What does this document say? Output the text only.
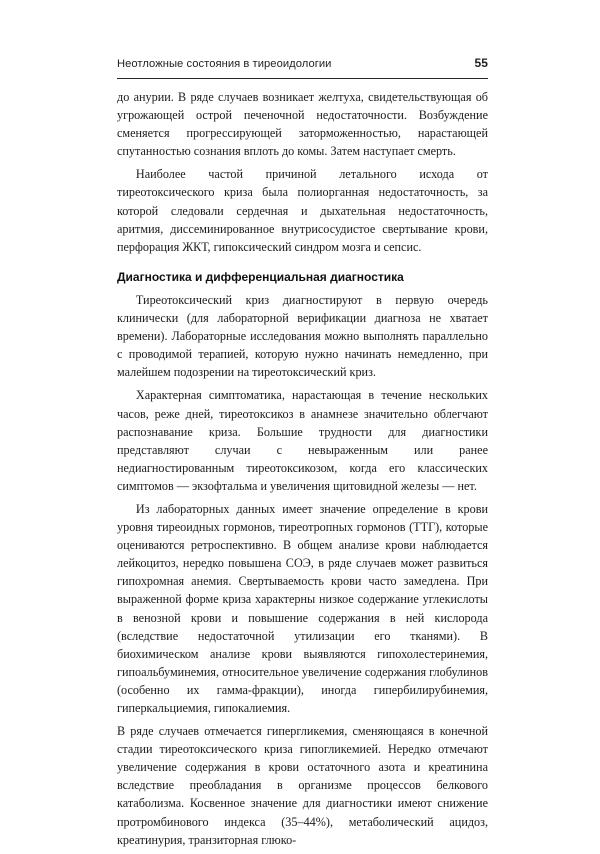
Неотложные состояния в тиреоидологии	55

до анурии. В ряде случаев возникает желтуха, свидетельствующая об угрожающей острой печеночной недостаточности. Возбуждение сменяется прогрессирующей заторможенностью, нарастающей спутанностью сознания вплоть до комы. Затем наступает смерть.

Наиболее частой причиной летального исхода от тиреотоксического криза была полиорганная недостаточность, за которой следовали сердечная и дыхательная недостаточность, аритмия, диссеминированное внутрисосудистое свертывание крови, перфорация ЖКТ, гипоксический синдром мозга и сепсис.

Диагностика и дифференциальная диагностика

Тиреотоксический криз диагностируют в первую очередь клинически (для лабораторной верификации диагноза не хватает времени). Лабораторные исследования можно выполнять параллельно с проводимой терапией, которую нужно начинать немедленно, при малейшем подозрении на тиреотоксический криз.

Характерная симптоматика, нарастающая в течение нескольких часов, реже дней, тиреотоксикоз в анамнезе значительно облегчают распознавание криза. Большие трудности для диагностики представляют случаи с невыраженным или ранее недиагностированным тиреотоксикозом, когда его классических симптомов — экзофтальма и увеличения щитовидной железы — нет.

Из лабораторных данных имеет значение определение в крови уровня тиреоидных гормонов, тиреотропных гормонов (ТТГ), которые оцениваются ретроспективно. В общем анализе крови наблюдается лейкоцитоз, нередко повышена СОЭ, в ряде случаев может развиться гипохромная анемия. Свертываемость крови часто замедлена. При выраженной форме криза характерны низкое содержание углекислоты в венозной крови и повышение содержания в ней кислорода (вследствие недостаточной утилизации его тканями). В биохимическом анализе крови выявляются гипохолестеринемия, гипоальбуминемия, относительное увеличение содержания глобулинов (особенно их гамма-фракции), иногда гипербилирубинемия, гиперкальциемия, гипокалиемия.

В ряде случаев отмечается гипергликемия, сменяющаяся в конечной стадии тиреотоксического криза гипогликемией. Нередко отмечают увеличение содержания в крови остаточного азота и креатинина вследствие преобладания в организме процессов белкового катаболизма. Косвенное значение для диагностики имеют снижение протромбинового индекса (35–44%), метаболический ацидоз, креатинурия, транзиторная глюко-
